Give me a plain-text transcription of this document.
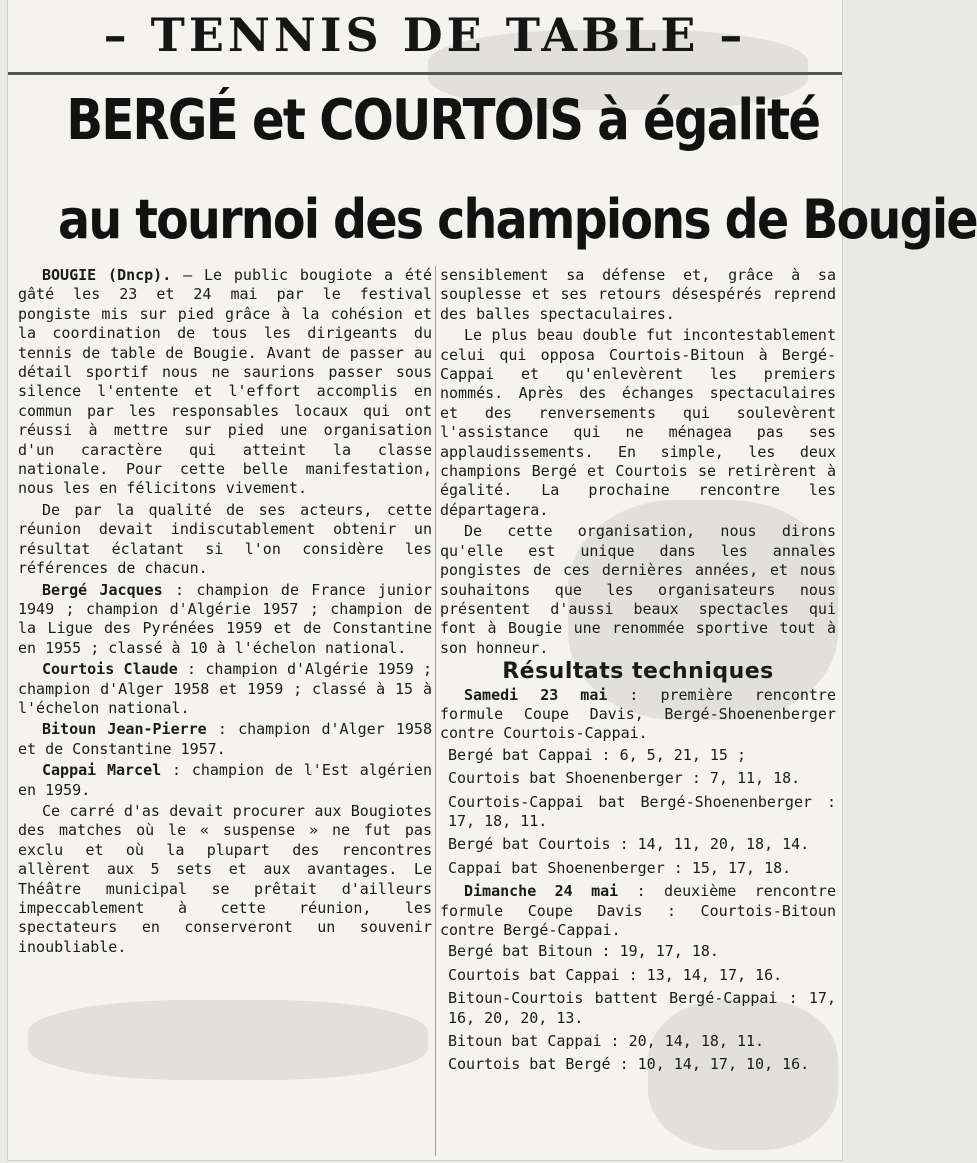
– TENNIS DE TABLE –
BERGÉ et COURTOIS à égalité
au tournoi des champions de Bougie

BOUGIE (Dncp). — Le public bougiote a été gâté les 23 et 24 mai par le festival pongiste mis sur pied grâce à la cohésion et la coordination de tous les dirigeants du tennis de table de Bougie. Avant de passer au détail sportif nous ne saurions passer sous silence l'entente et l'effort accomplis en commun par les responsables locaux qui ont réussi à mettre sur pied une organisation d'un caractère qui atteint la classe nationale. Pour cette belle manifestation, nous les en félicitons vivement.

De par la qualité de ses acteurs, cette réunion devait indiscutablement obtenir un résultat éclatant si l'on considère les références de chacun.

Bergé Jacques : champion de France junior 1949 ; champion d'Algérie 1957 ; champion de la Ligue des Pyrénées 1959 et de Constantine en 1955 ; classé à 10 à l'échelon national.

Courtois Claude : champion d'Algérie 1959 ; champion d'Alger 1958 et 1959 ; classé à 15 à l'échelon national.

Bitoun Jean-Pierre : champion d'Alger 1958 et de Constantine 1957.

Cappai Marcel : champion de l'Est algérien en 1959.

Ce carré d'as devait procurer aux Bougiotes des matches où le « suspense » ne fut pas exclu et où la plupart des rencontres allèrent aux 5 sets et aux avantages. Le Théâtre municipal se prêtait d'ailleurs impeccablement à cette réunion, les spectateurs en conserveront un souvenir inoubliable.

sensiblement sa défense et, grâce à sa souplesse et ses retours désespérés reprend des balles spectaculaires.

Le plus beau double fut incontestablement celui qui opposa Courtois-Bitoun à Bergé-Cappai et qu'enlevèrent les premiers nommés. Après des échanges spectaculaires et des renversements qui soulevèrent l'assistance qui ne ménagea pas ses applaudissements. En simple, les deux champions Bergé et Courtois se retirèrent à égalité. La prochaine rencontre les départagera.

De cette organisation, nous dirons qu'elle est unique dans les annales pongistes de ces dernières années, et nous souhaitons que les organisateurs nous présentent d'aussi beaux spectacles qui font à Bougie une renommée sportive tout à son honneur.

Résultats techniques

Samedi 23 mai : première rencontre formule Coupe Davis, Bergé-Shoenenberger contre Courtois-Cappai.

Bergé bat Cappai : 6, 5, 21, 15 ;
Courtois bat Shoenenberger : 7, 11, 18.
Courtois-Cappai bat Bergé-Shoenenberger : 17, 18, 11.
Bergé bat Courtois : 14, 11, 20, 18, 14.
Cappai bat Shoenenberger : 15, 17, 18.

Dimanche 24 mai : deuxième rencontre formule Coupe Davis : Courtois-Bitoun contre Bergé-Cappai.

Bergé bat Bitoun : 19, 17, 18.
Courtois bat Cappai : 13, 14, 17, 16.
Bitoun-Courtois battent Bergé-Cappai : 17, 16, 20, 20, 13.
Bitoun bat Cappai : 20, 14, 18, 11.
Courtois bat Bergé : 10, 14, 17, 10, 16.
